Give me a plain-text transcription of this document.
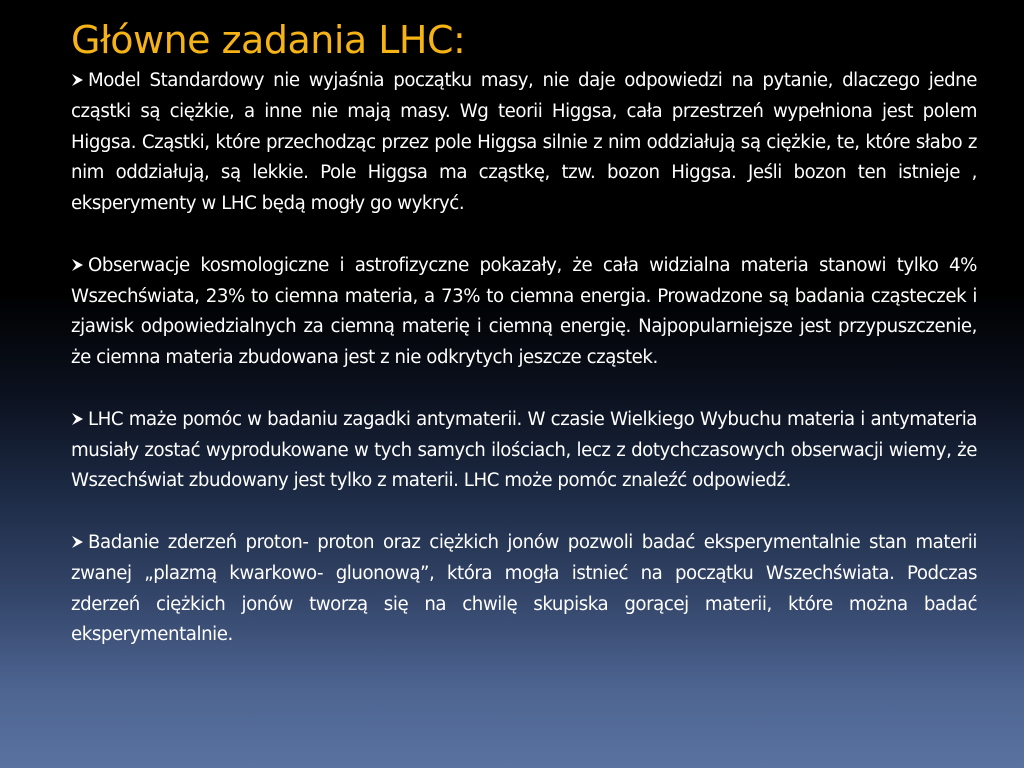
Główne zadania LHC:

Model Standardowy nie wyjaśnia początku masy, nie daje odpowiedzi na pytanie, dlaczego jedne cząstki są ciężkie, a inne nie mają masy. Wg teorii Higgsa, cała przestrzeń wypełniona jest polem Higgsa. Cząstki, które przechodząc przez pole Higgsa silnie z nim oddziałują są ciężkie, te, które słabo z nim oddziałują, są lekkie. Pole Higgsa ma cząstkę, tzw. bozon Higgsa. Jeśli bozon ten istnieje , eksperymenty w LHC będą mogły go wykryć.

Obserwacje kosmologiczne i astrofizyczne pokazały, że cała widzialna materia stanowi tylko 4% Wszechświata, 23% to ciemna materia, a 73% to ciemna energia. Prowadzone są badania cząsteczek i zjawisk odpowiedzialnych za ciemną materię i ciemną energię. Najpopularniejsze jest przypuszczenie, że ciemna materia zbudowana jest z nie odkrytych jeszcze cząstek.

LHC maże pomóc w badaniu zagadki antymaterii. W czasie Wielkiego Wybuchu materia i antymateria musiały zostać wyprodukowane w tych samych ilościach, lecz z dotychczasowych obserwacji wiemy, że Wszechświat zbudowany jest tylko z materii. LHC może pomóc znaleźć odpowiedź.

Badanie zderzeń proton- proton oraz ciężkich jonów pozwoli badać eksperymentalnie stan materii zwanej „plazmą kwarkowo- gluonową”, która mogła istnieć na początku Wszechświata. Podczas zderzeń ciężkich jonów tworzą się na chwilę skupiska gorącej materii, które można badać eksperymentalnie.
